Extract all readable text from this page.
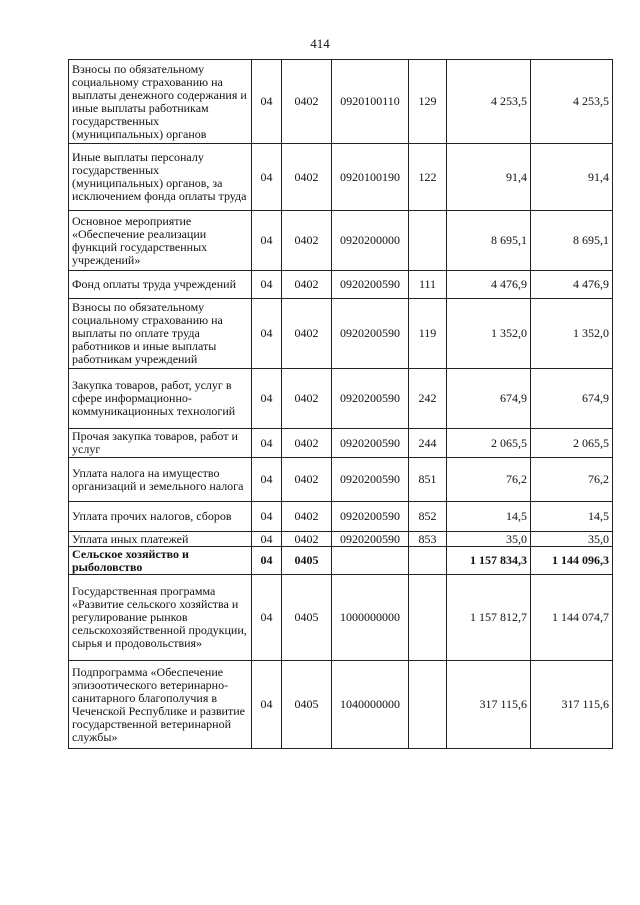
414
Взносы по обязательному социальному страхованию на выплаты денежного содержания и иные выплаты работникам государственных (муниципальных) органов	04	0402	0920100110	129	4 253,5	4 253,5
Иные выплаты персоналу государственных (муниципальных) органов, за исключением фонда оплаты труда	04	0402	0920100190	122	91,4	91,4
Основное мероприятие «Обеспечение реализации функций государственных учреждений»	04	0402	0920200000		8 695,1	8 695,1
Фонд оплаты труда учреждений	04	0402	0920200590	111	4 476,9	4 476,9
Взносы по обязательному социальному страхованию на выплаты по оплате труда работников и иные выплаты работникам учреждений	04	0402	0920200590	119	1 352,0	1 352,0
Закупка товаров, работ, услуг в сфере информационно-коммуникационных технологий	04	0402	0920200590	242	674,9	674,9
Прочая закупка товаров, работ и услуг	04	0402	0920200590	244	2 065,5	2 065,5
Уплата налога на имущество организаций и земельного налога	04	0402	0920200590	851	76,2	76,2
Уплата прочих налогов, сборов	04	0402	0920200590	852	14,5	14,5
Уплата иных платежей	04	0402	0920200590	853	35,0	35,0
Сельское хозяйство и рыболовство	04	0405			1 157 834,3	1 144 096,3
Государственная программа «Развитие сельского хозяйства и регулирование рынков сельскохозяйственной продукции, сырья и продовольствия»	04	0405	1000000000		1 157 812,7	1 144 074,7
Подпрограмма «Обеспечение эпизоотического ветеринарно-санитарного благополучия в Чеченской Республике и развитие государственной ветеринарной службы»	04	0405	1040000000		317 115,6	317 115,6
